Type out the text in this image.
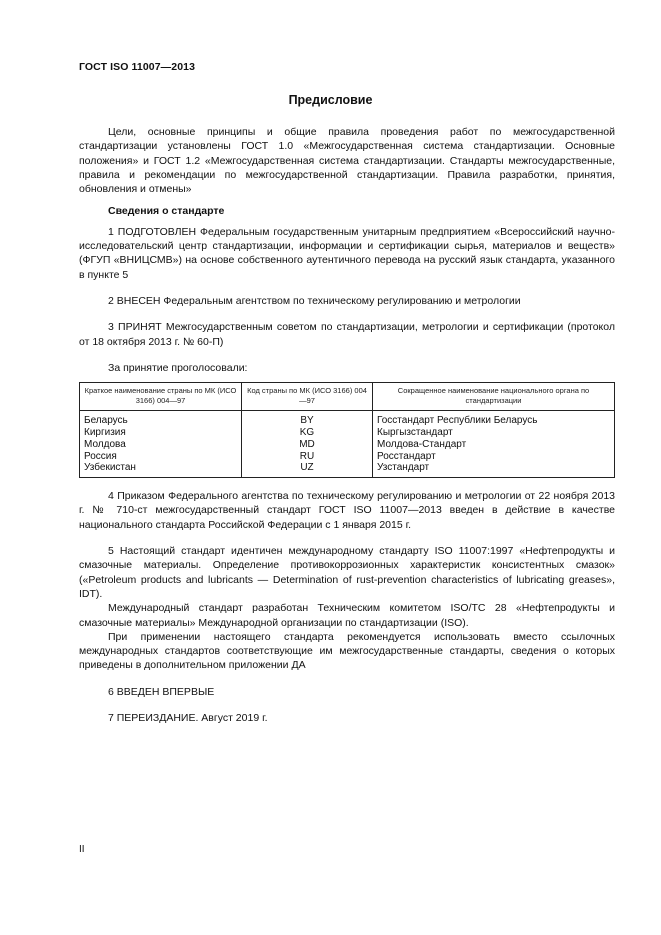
ГОСТ ISO 11007—2013
Предисловие

Цели, основные принципы и общие правила проведения работ по межгосударственной стандартизации установлены ГОСТ 1.0 «Межгосударственная система стандартизации. Основные положения» и ГОСТ 1.2 «Межгосударственная система стандартизации. Стандарты межгосударственные, правила и рекомендации по межгосударственной стандартизации. Правила разработки, принятия, обновления и отмены»

Сведения о стандарте

1 ПОДГОТОВЛЕН Федеральным государственным унитарным предприятием «Всероссийский научно-исследовательский центр стандартизации, информации и сертификации сырья, материалов и веществ» (ФГУП «ВНИЦСМВ») на основе собственного аутентичного перевода на русский язык стандарта, указанного в пункте 5

2 ВНЕСЕН Федеральным агентством по техническому регулированию и метрологии

3 ПРИНЯТ Межгосударственным советом по стандартизации, метрологии и сертификации (протокол от 18 октября 2013 г. № 60-П)

За принятие проголосовали:

Краткое наименование страны по МК (ИСО 3166) 004—97	Код страны по МК (ИСО 3166) 004—97	Сокращенное наименование национального органа по стандартизации
Беларусь	BY	Госстандарт Республики Беларусь
Киргизия	KG	Кыргызстандарт
Молдова	MD	Молдова-Стандарт
Россия	RU	Росстандарт
Узбекистан	UZ	Узстандарт

4 Приказом Федерального агентства по техническому регулированию и метрологии от 22 ноября 2013 г. № 710-ст межгосударственный стандарт ГОСТ ISO 11007—2013 введен в действие в качестве национального стандарта Российской Федерации с 1 января 2015 г.

5 Настоящий стандарт идентичен международному стандарту ISO 11007:1997 «Нефтепродукты и смазочные материалы. Определение противокоррозионных характеристик консистентных смазок» («Petroleum products and lubricants — Determination of rust-prevention characteristics of lubricating greases», IDT).

Международный стандарт разработан Техническим комитетом ISO/TC 28 «Нефтепродукты и смазочные материалы» Международной организации по стандартизации (ISO).

При применении настоящего стандарта рекомендуется использовать вместо ссылочных международных стандартов соответствующие им межгосударственные стандарты, сведения о которых приведены в дополнительном приложении ДА

6 ВВЕДЕН ВПЕРВЫЕ

7 ПЕРЕИЗДАНИЕ. Август 2019 г.

II
